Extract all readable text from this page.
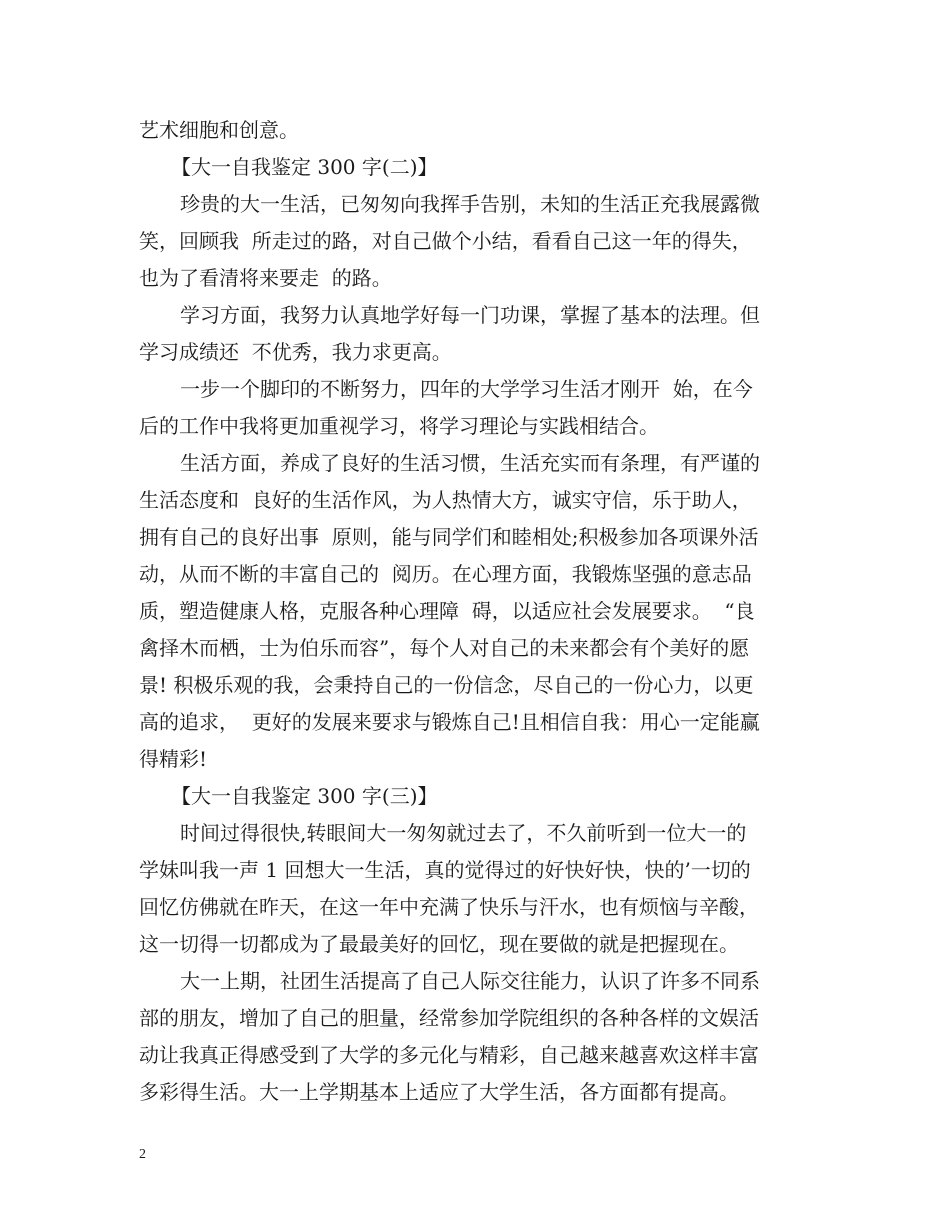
艺术细胞和创意。
【大一自我鉴定 300 字(二)】
珍贵的大一生活，已匆匆向我挥手告别，未知的生活正充我展露微
笑，回顾我  所走过的路，对自己做个小结，看看自己这一年的得失，
也为了看清将来要走  的路。
学习方面，我努力认真地学好每一门功课，掌握了基本的法理。但
学习成绩还  不优秀，我力求更高。
一步一个脚印的不断努力，四年的大学学习生活才刚开  始，在今
后的工作中我将更加重视学习，将学习理论与实践相结合。
生活方面，养成了良好的生活习惯，生活充实而有条理，有严谨的
生活态度和  良好的生活作风，为人热情大方，诚实守信，乐于助人，
拥有自己的良好出事  原则，能与同学们和睦相处;积极参加各项课外活
动，从而不断的丰富自己的  阅历。在心理方面，我锻炼坚强的意志品
质，塑造健康人格，克服各种心理障  碍，以适应社会发展要求。  “良
禽择木而栖，士为伯乐而容”，每个人对自己的未来都会有个美好的愿
景! 积极乐观的我，会秉持自己的一份信念，尽自己的一份心力，以更
高的追求，  更好的发展来要求与锻炼自己!且相信自我：用心一定能赢
得精彩!
【大一自我鉴定 300 字(三)】
时间过得很快,转眼间大一匆匆就过去了，不久前听到一位大一的
学妹叫我一声 1 回想大一生活，真的觉得过的好快好快，快的’一切的
回忆仿佛就在昨天，在这一年中充满了快乐与汗水，也有烦恼与辛酸，
这一切得一切都成为了最最美好的回忆，现在要做的就是把握现在。
大一上期，社团生活提高了自己人际交往能力，认识了许多不同系
部的朋友，增加了自己的胆量，经常参加学院组织的各种各样的文娱活
动让我真正得感受到了大学的多元化与精彩，自己越来越喜欢这样丰富
多彩得生活。大一上学期基本上适应了大学生活，各方面都有提高。
2
